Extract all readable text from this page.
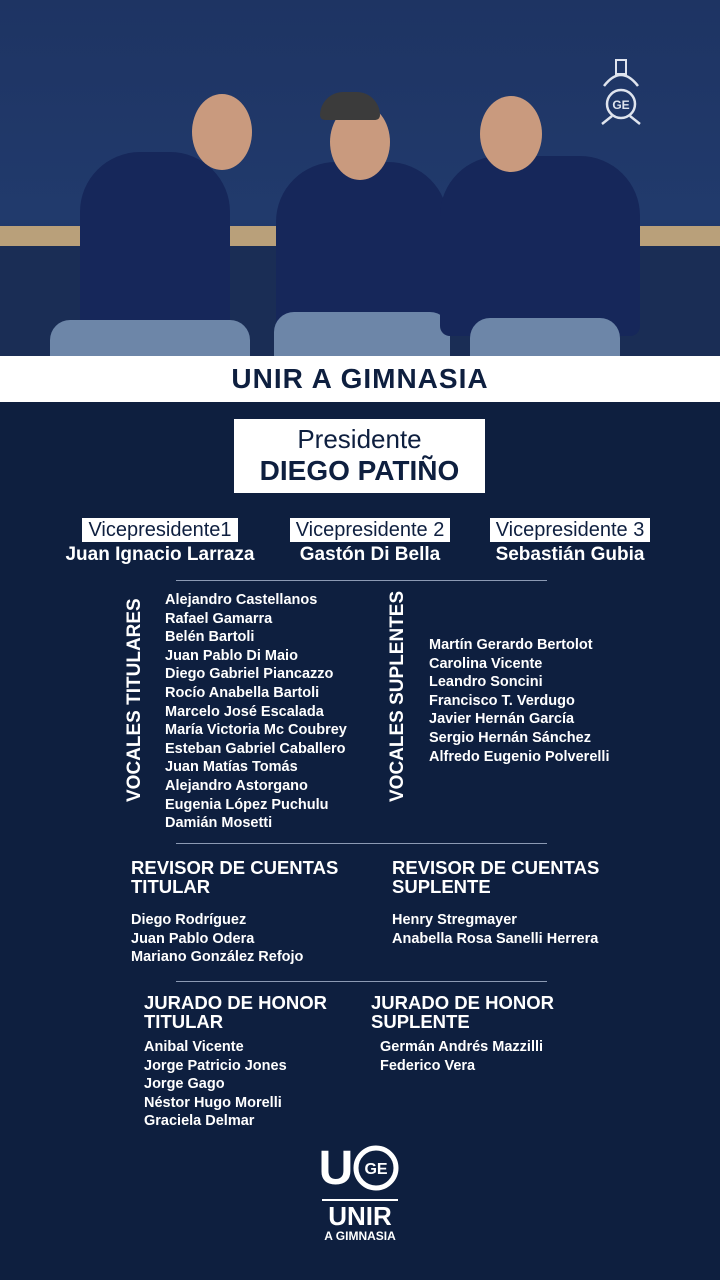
GE
UNIR A GIMNASIA
Presidente
DIEGO PATIÑO
Vicepresidente1
Juan Ignacio Larraza
Vicepresidente 2
Gastón Di Bella
Vicepresidente 3
Sebastián Gubia
VOCALES TITULARES Alejandro Castellanos
Rafael Gamarra
Belén Bartoli
Juan Pablo Di Maio
Diego Gabriel Piancazzo
Rocío Anabella Bartoli
Marcelo José Escalada
María Victoria Mc Coubrey
Esteban Gabriel Caballero
Juan Matías Tomás
Alejandro Astorgano
Eugenia López Puchulu
Damián Mosetti
VOCALES SUPLENTES Martín Gerardo Bertolot
Carolina Vicente
Leandro Soncini
Francisco T. Verdugo
Javier Hernán García
Sergio Hernán Sánchez
Alfredo Eugenio Polverelli
REVISOR DE CUENTAS
TITULAR
Diego Rodríguez
Juan Pablo Odera
Mariano González Refojo
REVISOR DE CUENTAS
SUPLENTE
Henry Stregmayer
Anabella Rosa Sanelli Herrera
JURADO DE HONOR
TITULAR
Anibal Vicente
Jorge Patricio Jones
Jorge Gago
Néstor Hugo Morelli
Graciela Delmar
JURADO DE HONOR
SUPLENTE
Germán Andrés Mazzilli
Federico Vera
U GE
UNIR
A GIMNASIA
